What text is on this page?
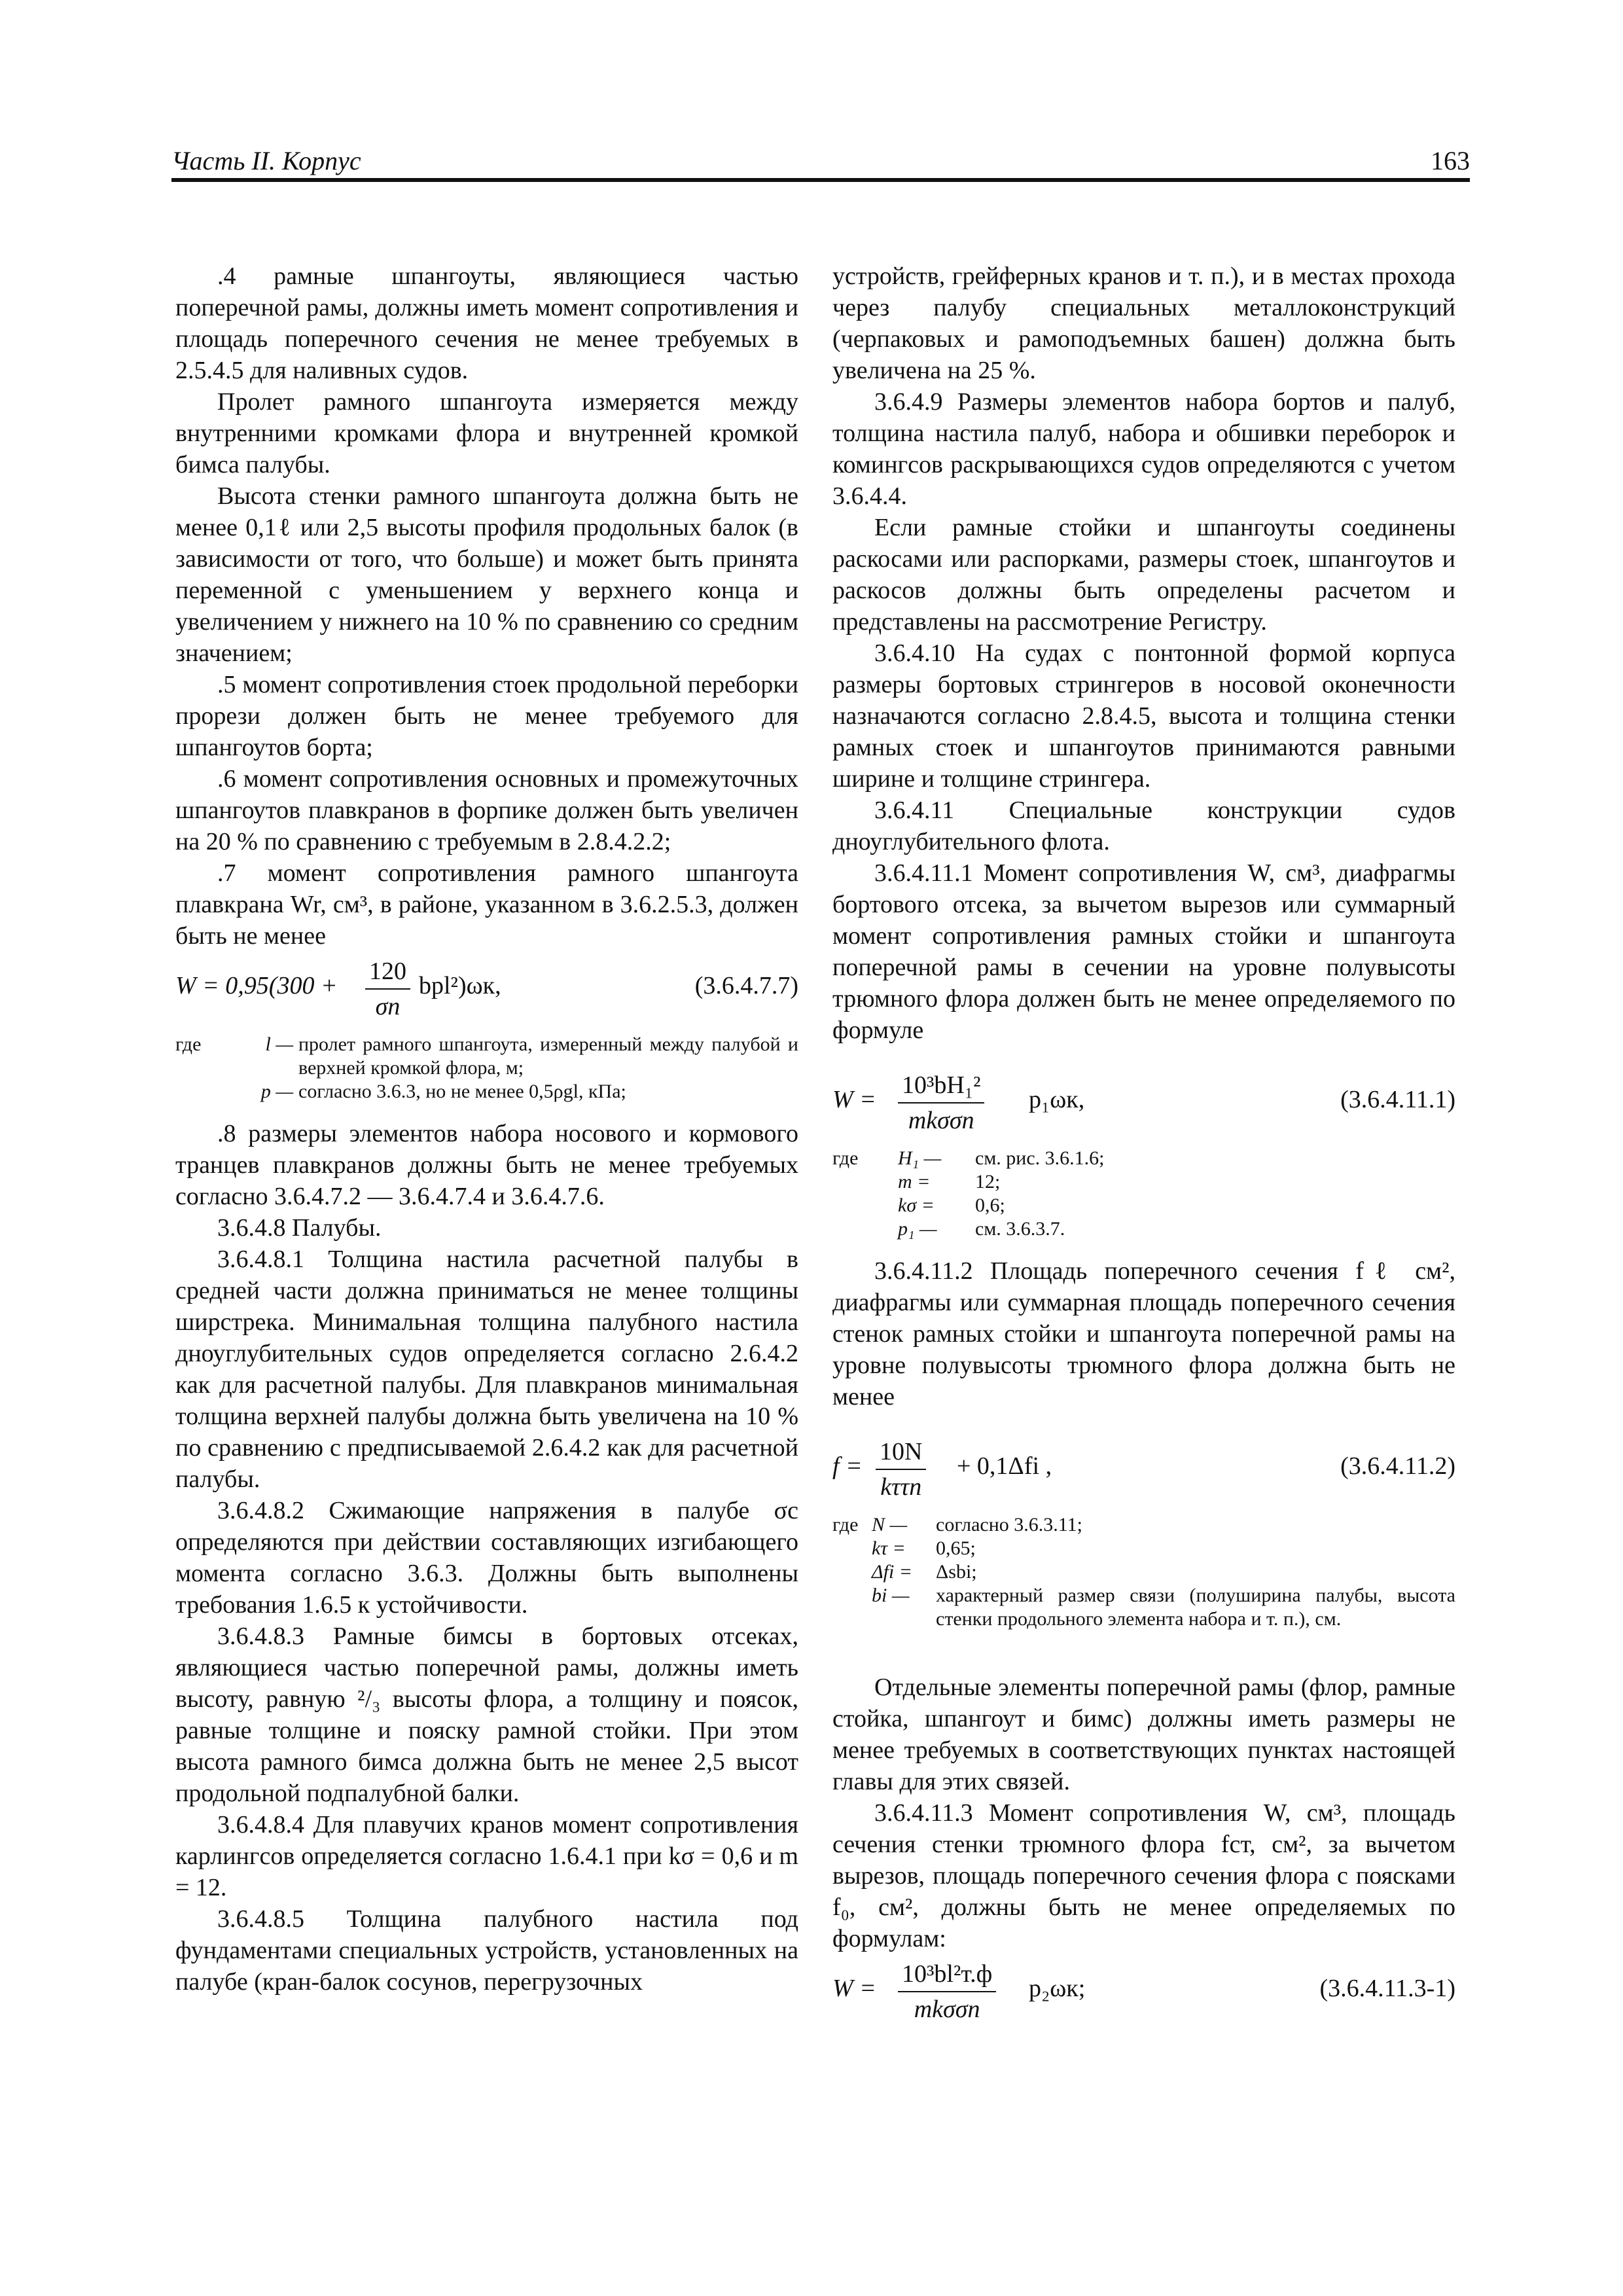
Часть II. Корпус	163

.4 рамные шпангоуты, являющиеся частью поперечной рамы, должны иметь момент сопротивления и площадь поперечного сечения не менее требуемых в 2.5.4.5 для наливных судов.

Пролет рамного шпангоута измеряется между внутренними кромками флора и внутренней кромкой бимса палубы.

Высота стенки рамного шпангоута должна быть не менее 0,1ℓ или 2,5 высоты профиля продольных балок (в зависимости от того, что больше) и может быть принята переменной с уменьшением у верхнего конца и увеличением у нижнего на 10 % по сравнению со средним значением;

.5 момент сопротивления стоек продольной переборки прорези должен быть не менее требуемого для шпангоутов борта;

.6 момент сопротивления основных и промежуточных шпангоутов плавкранов в форпике должен быть увеличен на 20 % по сравнению с требуемым в 2.8.4.2.2;

.7 момент сопротивления рамного шпангоута плавкрана Wr, см³, в районе, указанном в 3.6.2.5.3, должен быть не менее

$W = 0,95(300 + \frac{120}{\sigma n} bpl^2)\omega к$,	(3.6.4.7.7)
где	l — пролет рамного шпангоута, измеренный между палубой и верхней кромкой флора, м;
p — согласно 3.6.3, но не менее 0,5ρgl, кПа;

.8 размеры элементов набора носового и кормового транцев плавкранов должны быть не менее требуемых согласно 3.6.4.7.2 — 3.6.4.7.4 и 3.6.4.7.6.

3.6.4.8 Палубы.

3.6.4.8.1 Толщина настила расчетной палубы в средней части должна приниматься не менее толщины ширстрека. Минимальная толщина палубного настила дноуглубительных судов определяется согласно 2.6.4.2 как для расчетной палубы. Для плавкранов минимальная толщина верхней палубы должна быть увеличена на 10 % по сравнению с предписываемой 2.6.4.2 как для расчетной палубы.

3.6.4.8.2 Сжимающие напряжения в палубе σc определяются при действии составляющих изгибающего момента согласно 3.6.3. Должны быть выполнены требования 1.6.5 к устойчивости.

3.6.4.8.3 Рамные бимсы в бортовых отсеках, являющиеся частью поперечной рамы, должны иметь высоту, равную ²/₃ высоты флора, а толщину и поясок, равные толщине и пояску рамной стойки. При этом высота рамного бимса должна быть не менее 2,5 высот продольной подпалубной балки.

3.6.4.8.4 Для плавучих кранов момент сопротивления карлингсов определяется согласно 1.6.4.1 при kσ = 0,6 и m = 12.

3.6.4.8.5 Толщина палубного настила под фундаментами специальных устройств, установленных на палубе (кран-балок сосунов, перегрузочных

устройств, грейферных кранов и т. п.), и в местах прохода через палубу специальных металлоконструкций (черпаковых и рамоподъемных башен) должна быть увеличена на 25 %.

3.6.4.9 Размеры элементов набора бортов и палуб, толщина настила палуб, набора и обшивки переборок и комингсов раскрывающихся судов определяются с учетом 3.6.4.4.

Если рамные стойки и шпангоуты соединены раскосами или распорками, размеры стоек, шпангоутов и раскосов должны быть определены расчетом и представлены на рассмотрение Регистру.

3.6.4.10 На судах с понтонной формой корпуса размеры бортовых стрингеров в носовой оконечности назначаются согласно 2.8.4.5, высота и толщина стенки рамных стоек и шпангоутов принимаются равными ширине и толщине стрингера.

3.6.4.11 Специальные конструкции судов дноуглубительного флота.

3.6.4.11.1 Момент сопротивления W, см³, диафрагмы бортового отсека, за вычетом вырезов или суммарный момент сопротивления рамных стойки и шпангоута поперечной рамы в сечении на уровне полувысоты трюмного флора должен быть не менее определяемого по формуле

W =
10³bH₁²
mkσσn
p₁ωк,	(3.6.4.11.1)
где	H₁ —	см. рис. 3.6.1.6;
m =	12;
kσ =	0,6;
p₁ —	см. 3.6.3.7.

3.6.4.11.2 Площадь поперечного сечения fℓ см², диафрагмы или суммарная площадь поперечного сечения стенок рамных стойки и шпангоута поперечной рамы на уровне полувысоты трюмного флора должна быть не менее

f =
10N
kττn
+ 0,1Δfi ,	(3.6.4.11.2)
где N —	согласно 3.6.3.11;
kτ =	0,65;
Δfi =	Δsbi;
bi —	характерный размер связи (полуширина палубы, высота стенки продольного элемента набора и т. п.), см.

Отдельные элементы поперечной рамы (флор, рамные стойка, шпангоут и бимс) должны иметь размеры не менее требуемых в соответствующих пунктах настоящей главы для этих связей.

3.6.4.11.3 Момент сопротивления W, см³, площадь сечения стенки трюмного флора fст, см², за вычетом вырезов, площадь поперечного сечения флора с поясками f₀, см², должны быть не менее определяемых по формулам:

W =
10³bl²т.ф
mkσσn
p₂ωк;	(3.6.4.11.3-1)
